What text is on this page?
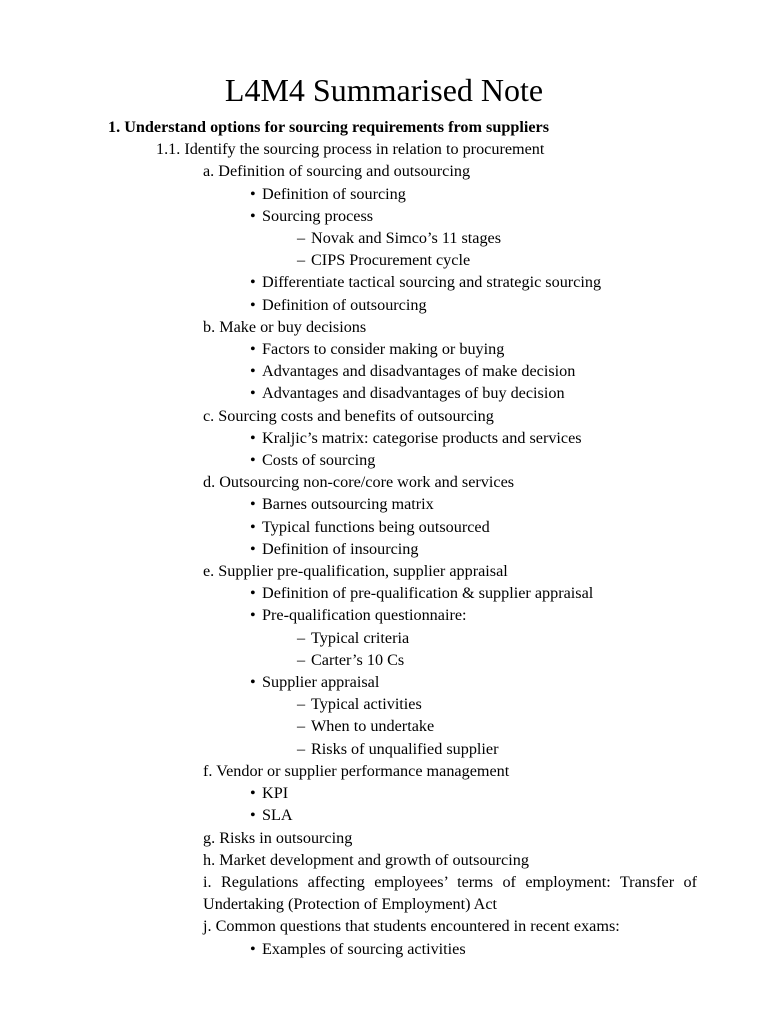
L4M4 Summarised Note
1. Understand options for sourcing requirements from suppliers
1.1. Identify the sourcing process in relation to procurement
a. Definition of sourcing and outsourcing
• Definition of sourcing
• Sourcing process
– Novak and Simco’s 11 stages
– CIPS Procurement cycle
• Differentiate tactical sourcing and strategic sourcing
• Definition of outsourcing
b. Make or buy decisions
• Factors to consider making or buying
• Advantages and disadvantages of make decision
• Advantages and disadvantages of buy decision
c. Sourcing costs and benefits of outsourcing
• Kraljic’s matrix: categorise products and services
• Costs of sourcing
d. Outsourcing non-core/core work and services
• Barnes outsourcing matrix
• Typical functions being outsourced
• Definition of insourcing
e. Supplier pre-qualification, supplier appraisal
• Definition of pre-qualification & supplier appraisal
• Pre-qualification questionnaire:
– Typical criteria
– Carter’s 10 Cs
• Supplier appraisal
– Typical activities
– When to undertake
– Risks of unqualified supplier
f. Vendor or supplier performance management
• KPI
• SLA
g. Risks in outsourcing
h. Market development and growth of outsourcing
i. Regulations affecting employees’ terms of employment: Transfer of Undertaking (Protection of Employment) Act
j. Common questions that students encountered in recent exams:
• Examples of sourcing activities
